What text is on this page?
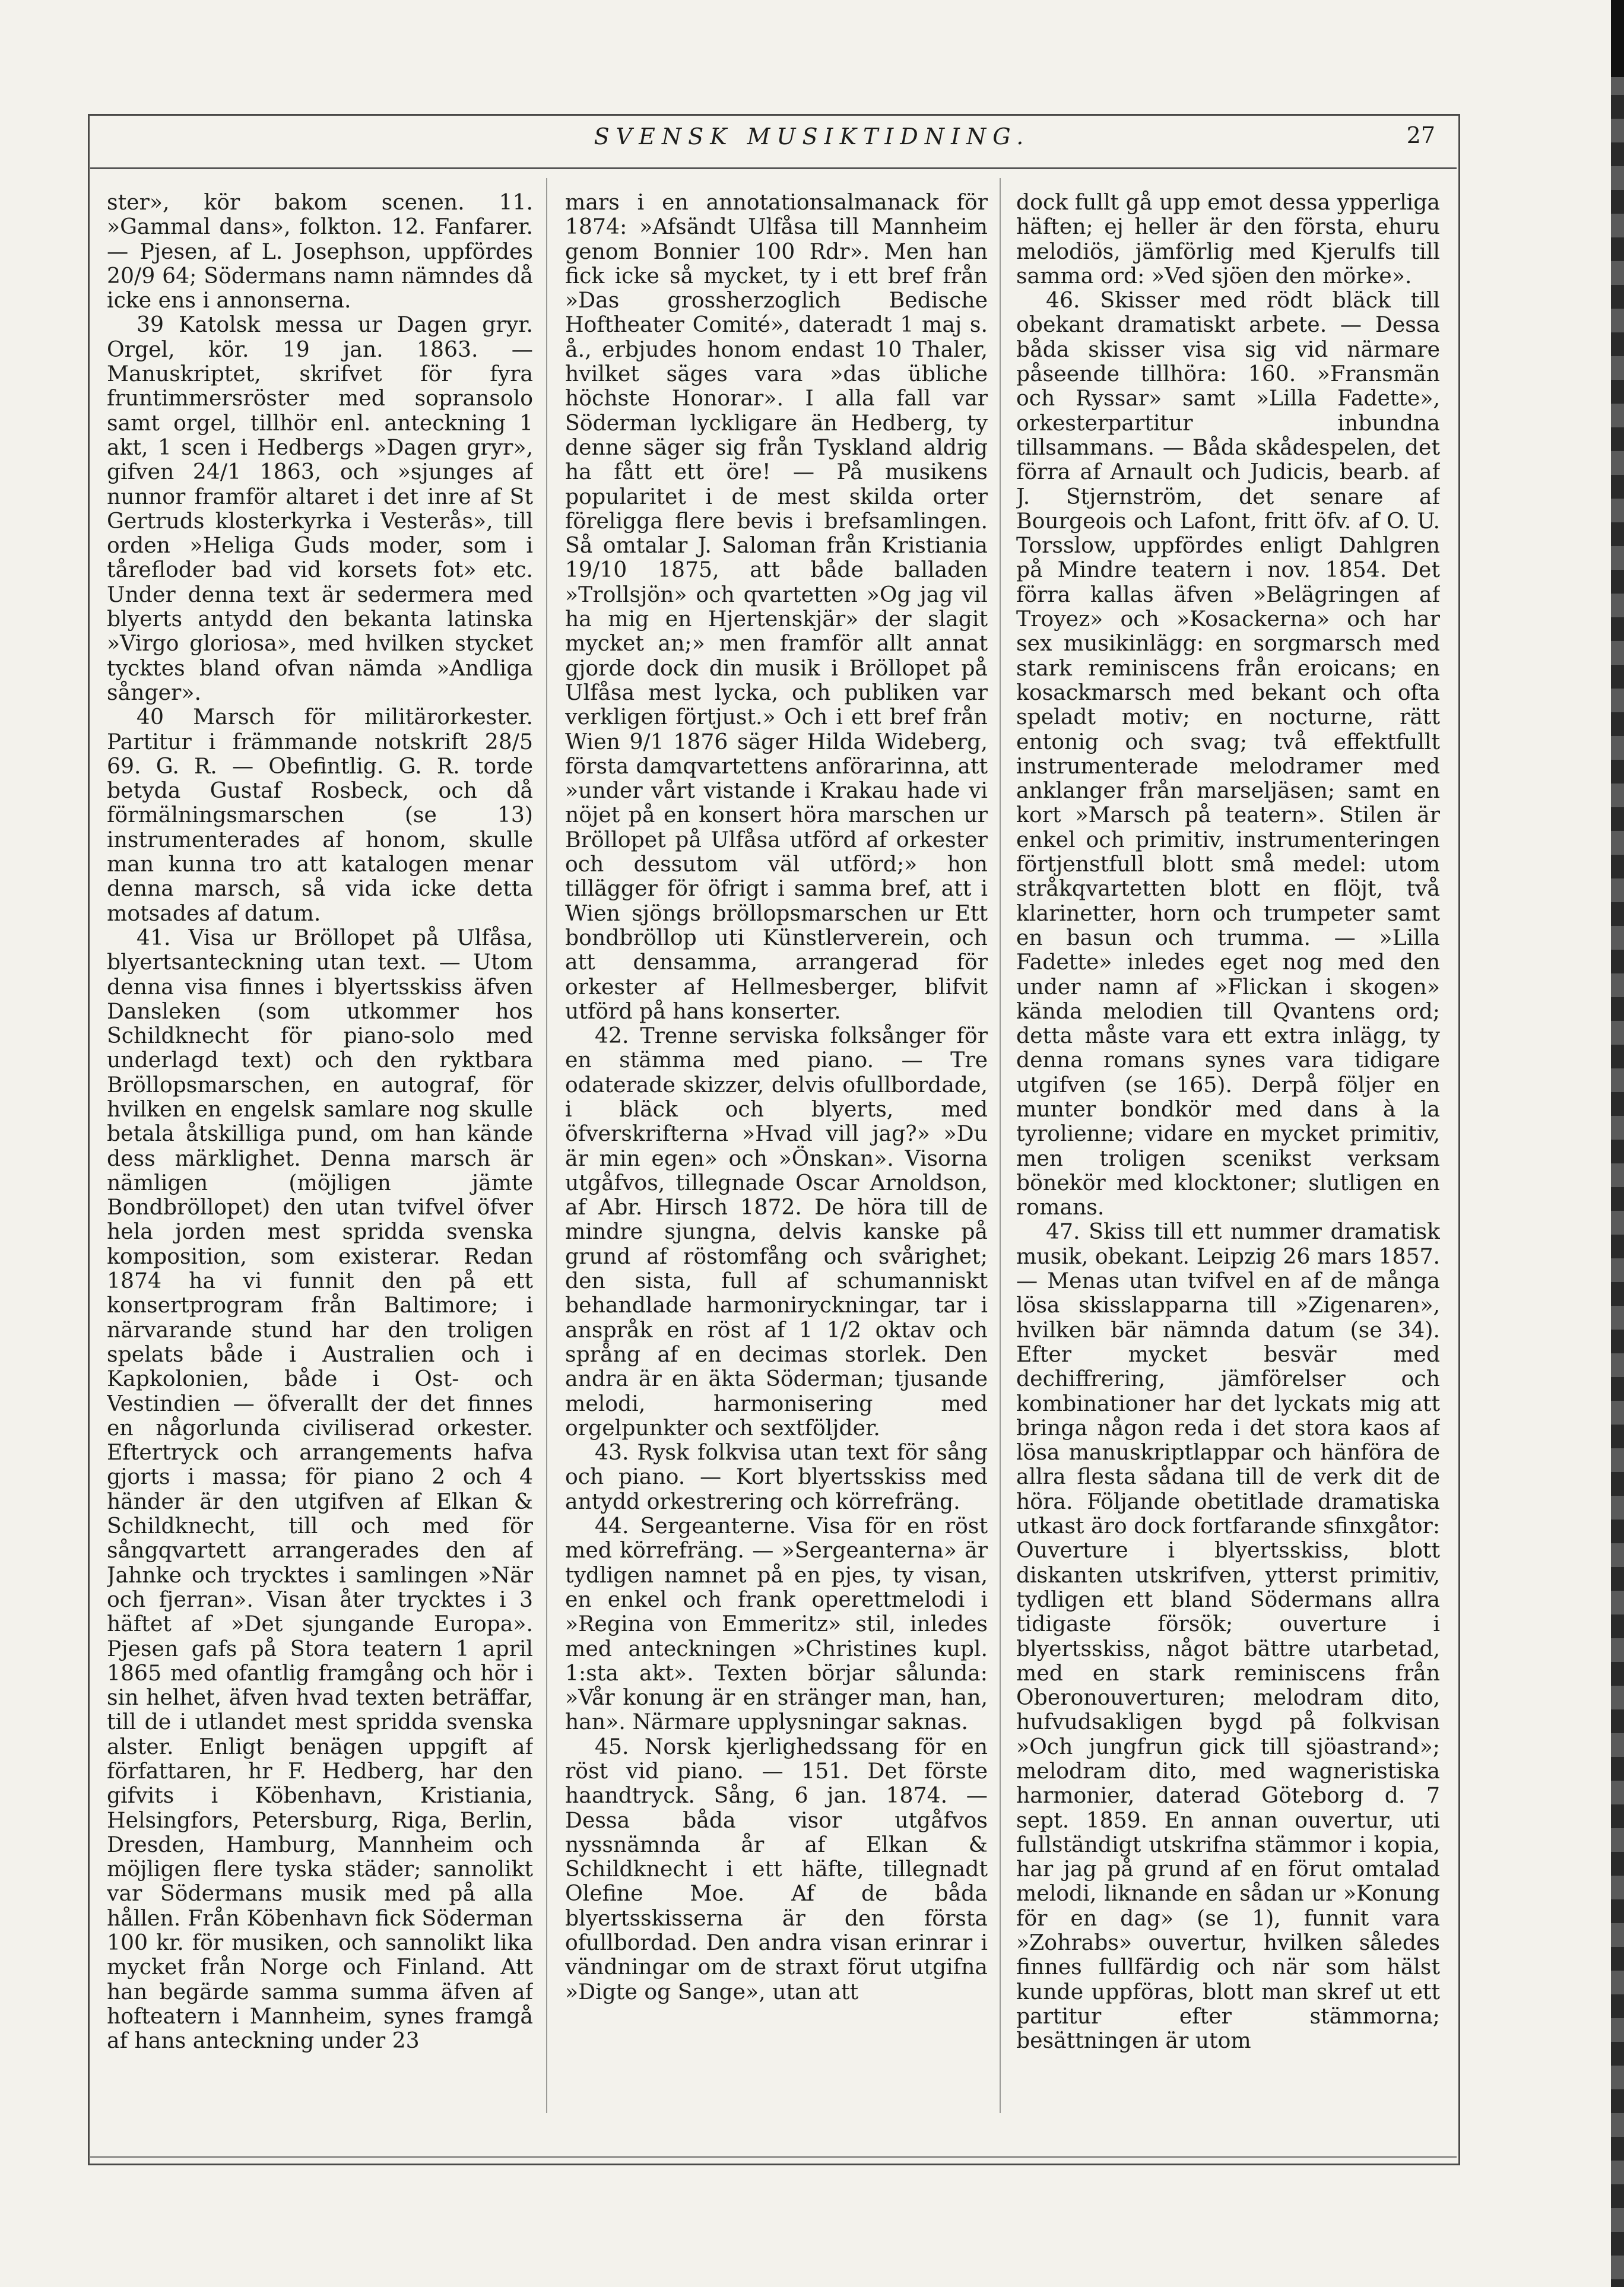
SVENSK MUSIKTIDNING.	27

ster», kör bakom scenen. 11. »Gammal dans», folkton. 12. Fanfarer. — Pjesen, af L. Josephson, uppfördes 20/9 64; Södermans namn nämndes då icke ens i annonserna.

39 Katolsk messa ur Dagen gryr. Orgel, kör. 19 jan. 1863. — Manuskriptet, skrifvet för fyra fruntimmersröster med sopransolo samt orgel, tillhör enl. anteckning 1 akt, 1 scen i Hedbergs »Dagen gryr», gifven 24/1 1863, och »sjunges af nunnor framför altaret i det inre af St Gertruds klosterkyrka i Vesterås», till orden »Heliga Guds moder, som i tårefloder bad vid korsets fot» etc. Under denna text är sedermera med blyerts antydd den bekanta latinska »Virgo gloriosa», med hvilken stycket tycktes bland ofvan nämda »Andliga sånger».

40 Marsch för militärorkester. Partitur i främmande notskrift 28/5 69. G. R. — Obefintlig. G. R. torde betyda Gustaf Rosbeck, och då förmälningsmarschen (se 13) instrumenterades af honom, skulle man kunna tro att katalogen menar denna marsch, så vida icke detta motsades af datum.

41. Visa ur Bröllopet på Ulfåsa, blyertsanteckning utan text. — Utom denna visa finnes i blyertsskiss äfven Dansleken (som utkommer hos Schildknecht för piano-solo med underlagd text) och den ryktbara Bröllopsmarschen, en autograf, för hvilken en engelsk samlare nog skulle betala åtskilliga pund, om han kände dess märklighet. Denna marsch är nämligen (möjligen jämte Bondbröllopet) den utan tvifvel öfver hela jorden mest spridda svenska komposition, som existerar. Redan 1874 ha vi funnit den på ett konsertprogram från Baltimore; i närvarande stund har den troligen spelats både i Australien och i Kapkolonien, både i Ost- och Vestindien — öfverallt der det finnes en någorlunda civiliserad orkester. Eftertryck och arrangements hafva gjorts i massa; för piano 2 och 4 händer är den utgifven af Elkan & Schildknecht, till och med för sångqvartett arrangerades den af Jahnke och trycktes i samlingen »När och fjerran». Visan åter trycktes i 3 häftet af »Det sjungande Europa». Pjesen gafs på Stora teatern 1 april 1865 med ofantlig framgång och hör i sin helhet, äfven hvad texten beträffar, till de i utlandet mest spridda svenska alster. Enligt benägen uppgift af författaren, hr F. Hedberg, har den gifvits i Köbenhavn, Kristiania, Helsingfors, Petersburg, Riga, Berlin, Dresden, Hamburg, Mannheim och möjligen flere tyska städer; sannolikt var Södermans musik med på alla hållen. Från Köbenhavn fick Söderman 100 kr. för musiken, och sannolikt lika mycket från Norge och Finland. Att han begärde samma summa äfven af hofteatern i Mannheim, synes framgå af hans anteckning under 23

mars i en annotationsalmanack för 1874: »Afsändt Ulfåsa till Mannheim genom Bonnier 100 Rdr». Men han fick icke så mycket, ty i ett bref från »Das grossherzoglich Bedische Hoftheater Comité», dateradt 1 maj s. å., erbjudes honom endast 10 Thaler, hvilket säges vara »das übliche höchste Honorar». I alla fall var Söderman lyckligare än Hedberg, ty denne säger sig från Tyskland aldrig ha fått ett öre! — På musikens popularitet i de mest skilda orter föreligga flere bevis i brefsamlingen. Så omtalar J. Saloman från Kristiania 19/10 1875, att både balladen »Trollsjön» och qvartetten »Og jag vil ha mig en Hjertenskjär» der slagit mycket an;» men framför allt annat gjorde dock din musik i Bröllopet på Ulfåsa mest lycka, och publiken var verkligen förtjust.» Och i ett bref från Wien 9/1 1876 säger Hilda Wideberg, första damqvartettens anförarinna, att »under vårt vistande i Krakau hade vi nöjet på en konsert höra marschen ur Bröllopet på Ulfåsa utförd af orkester och dessutom väl utförd;» hon tillägger för öfrigt i samma bref, att i Wien sjöngs bröllopsmarschen ur Ett bondbröllop uti Künstlerverein, och att densamma, arrangerad för orkester af Hellmesberger, blifvit utförd på hans konserter.

42. Trenne serviska folksånger för en stämma med piano. — Tre odaterade skizzer, delvis ofullbordade, i bläck och blyerts, med öfverskrifterna »Hvad vill jag?» »Du är min egen» och »Önskan». Visorna utgåfvos, tillegnade Oscar Arnoldson, af Abr. Hirsch 1872. De höra till de mindre sjungna, delvis kanske på grund af röstomfång och svårighet; den sista, full af schumanniskt behandlade harmoniryckningar, tar i anspråk en röst af 1 1/2 oktav och språng af en decimas storlek. Den andra är en äkta Söderman; tjusande melodi, harmonisering med orgelpunkter och sextföljder.

43. Rysk folkvisa utan text för sång och piano. — Kort blyertsskiss med antydd orkestrering och körrefräng.

44. Sergeanterne. Visa för en röst med körrefräng. — »Sergeanterna» är tydligen namnet på en pjes, ty visan, en enkel och frank operettmelodi i »Regina von Emmeritz» stil, inledes med anteckningen »Christines kupl. 1:sta akt». Texten börjar sålunda: »Vår konung är en stränger man, han, han». Närmare upplysningar saknas.

45. Norsk kjerlighedssang för en röst vid piano. — 151. Det förste haandtryck. Sång, 6 jan. 1874. — Dessa båda visor utgåfvos nyssnämnda år af Elkan & Schildknecht i ett häfte, tillegnadt Olefine Moe. Af de båda blyertsskisserna är den första ofullbordad. Den andra visan erinrar i vändningar om de straxt förut utgifna »Digte og Sange», utan att

dock fullt gå upp emot dessa ypperliga häften; ej heller är den första, ehuru melodiös, jämförlig med Kjerulfs till samma ord: »Ved sjöen den mörke».

46. Skisser med rödt bläck till obekant dramatiskt arbete. — Dessa båda skisser visa sig vid närmare påseende tillhöra: 160. »Fransmän och Ryssar» samt »Lilla Fadette», orkesterpartitur inbundna tillsammans. — Båda skådespelen, det förra af Arnault och Judicis, bearb. af J. Stjernström, det senare af Bourgeois och Lafont, fritt öfv. af O. U. Torsslow, uppfördes enligt Dahlgren på Mindre teatern i nov. 1854. Det förra kallas äfven »Belägringen af Troyez» och »Kosackerna» och har sex musikinlägg: en sorgmarsch med stark reminiscens från eroicans; en kosackmarsch med bekant och ofta speladt motiv; en nocturne, rätt entonig och svag; två effektfullt instrumenterade melodramer med anklanger från marseljäsen; samt en kort »Marsch på teatern». Stilen är enkel och primitiv, instrumenteringen förtjenstfull blott små medel: utom stråkqvartetten blott en flöjt, två klarinetter, horn och trumpeter samt en basun och trumma. — »Lilla Fadette» inledes eget nog med den under namn af »Flickan i skogen» kända melodien till Qvantens ord; detta måste vara ett extra inlägg, ty denna romans synes vara tidigare utgifven (se 165). Derpå följer en munter bondkör med dans à la tyrolienne; vidare en mycket primitiv, men troligen scenikst verksam bönekör med klocktoner; slutligen en romans.

47. Skiss till ett nummer dramatisk musik, obekant. Leipzig 26 mars 1857. — Menas utan tvifvel en af de många lösa skisslapparna till »Zigenaren», hvilken bär nämnda datum (se 34). Efter mycket besvär med dechiffrering, jämförelser och kombinationer har det lyckats mig att bringa någon reda i det stora kaos af lösa manuskriptlappar och hänföra de allra flesta sådana till de verk dit de höra. Följande obetitlade dramatiska utkast äro dock fortfarande sfinxgåtor: Ouverture i blyertsskiss, blott diskanten utskrifven, ytterst primitiv, tydligen ett bland Södermans allra tidigaste försök; ouverture i blyertsskiss, något bättre utarbetad, med en stark reminiscens från Oberonouverturen; melodram dito, hufvudsakligen bygd på folkvisan »Och jungfrun gick till sjöastrand»; melodram dito, med wagneristiska harmonier, daterad Göteborg d. 7 sept. 1859. En annan ouvertur, uti fullständigt utskrifna stämmor i kopia, har jag på grund af en förut omtalad melodi, liknande en sådan ur »Konung för en dag» (se 1), funnit vara »Zohrabs» ouvertur, hvilken således finnes fullfärdig och när som hälst kunde uppföras, blott man skref ut ett partitur efter stämmorna; besättningen är utom
